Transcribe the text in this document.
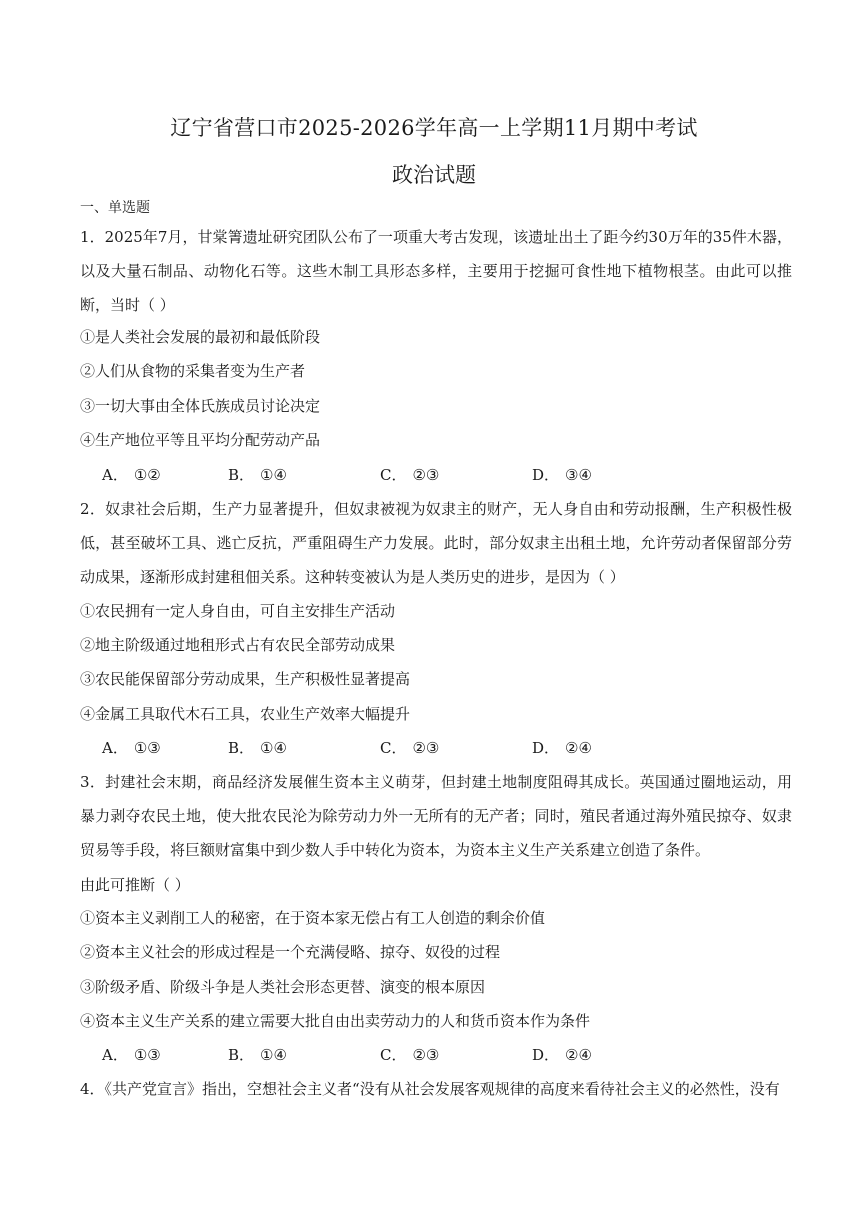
辽宁省营口市2025-2026学年高一上学期11月期中考试
政治试题
一、单选题
1．2025年7月，甘棠箐遗址研究团队公布了一项重大考古发现，该遗址出土了距今约30万年的35件木器，以及大量石制品、动物化石等。这些木制工具形态多样，主要用于挖掘可食性地下植物根茎。由此可以推断，当时（ ）
①是人类社会发展的最初和最低阶段
②人们从食物的采集者变为生产者
③一切大事由全体氏族成员讨论决定
④生产地位平等且平均分配劳动产品
A． ①②	B． ①④	C． ②③	D． ③④
2．奴隶社会后期，生产力显著提升，但奴隶被视为奴隶主的财产，无人身自由和劳动报酬，生产积极性极低，甚至破坏工具、逃亡反抗，严重阻碍生产力发展。此时，部分奴隶主出租土地，允许劳动者保留部分劳动成果，逐渐形成封建租佃关系。这种转变被认为是人类历史的进步，是因为（ ）
①农民拥有一定人身自由，可自主安排生产活动
②地主阶级通过地租形式占有农民全部劳动成果
③农民能保留部分劳动成果，生产积极性显著提高
④金属工具取代木石工具，农业生产效率大幅提升
A． ①③	B． ①④	C． ②③	D． ②④
3．封建社会末期，商品经济发展催生资本主义萌芽，但封建土地制度阻碍其成长。英国通过圈地运动，用暴力剥夺农民土地，使大批农民沦为除劳动力外一无所有的无产者；同时，殖民者通过海外殖民掠夺、奴隶贸易等手段，将巨额财富集中到少数人手中转化为资本，为资本主义生产关系建立创造了条件。
由此可推断（ ）
①资本主义剥削工人的秘密，在于资本家无偿占有工人创造的剩余价值
②资本主义社会的形成过程是一个充满侵略、掠夺、奴役的过程
③阶级矛盾、阶级斗争是人类社会形态更替、演变的根本原因
④资本主义生产关系的建立需要大批自由出卖劳动力的人和货币资本作为条件
A． ①③	B． ①④	C． ②③	D． ②④
4．《共产党宣言》指出，空想社会主义者“没有从社会发展客观规律的高度来看待社会主义的必然性，没有
